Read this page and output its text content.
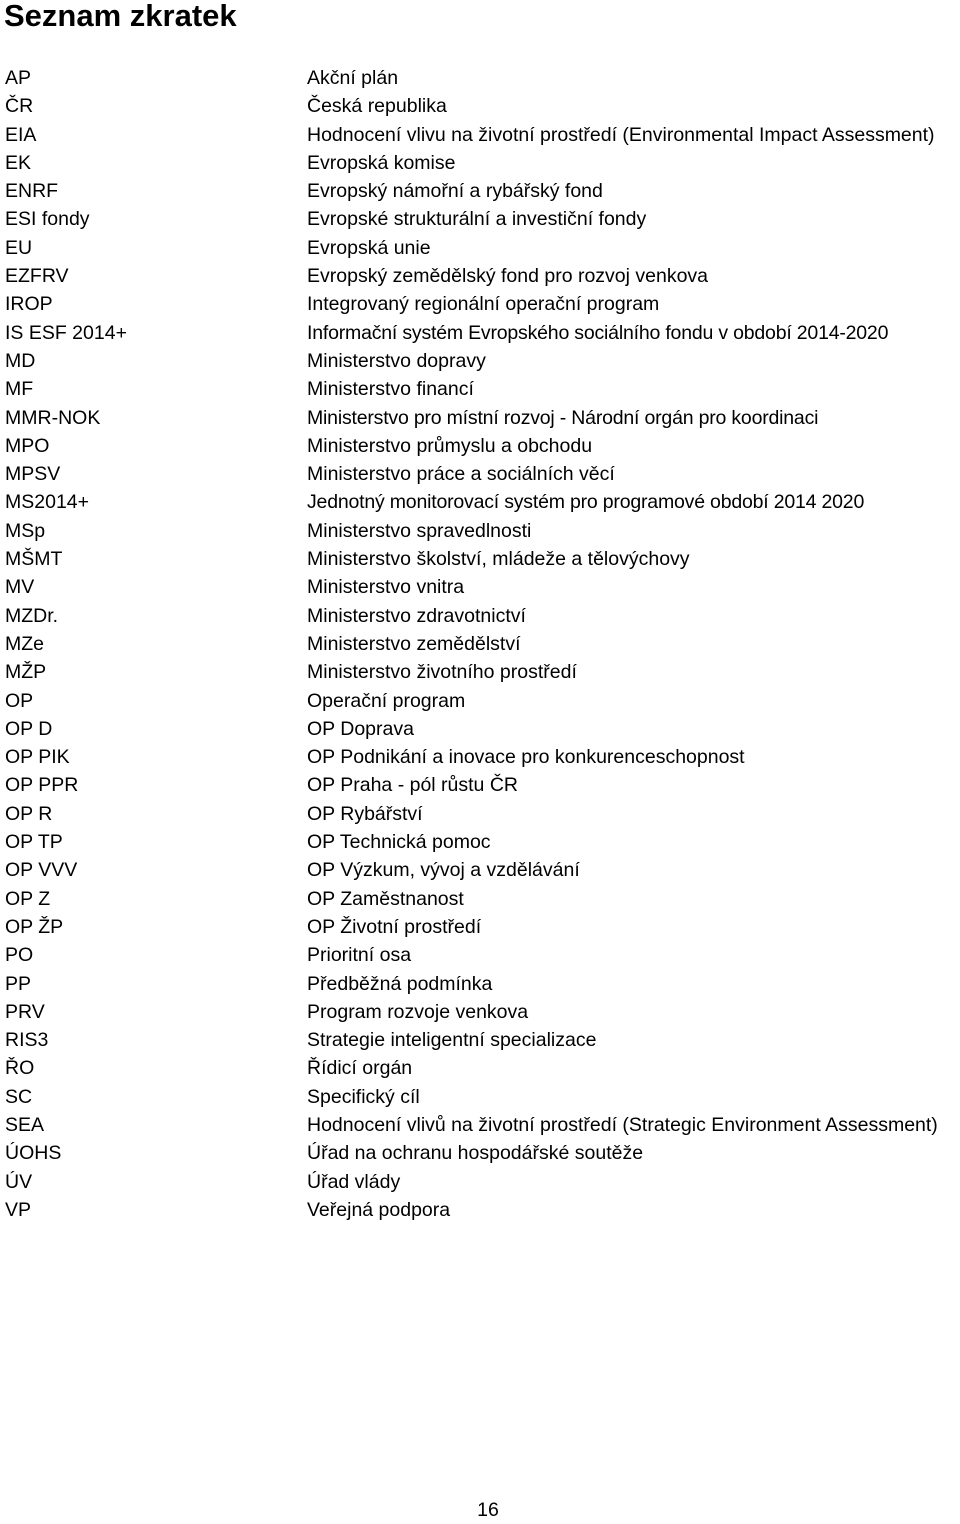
Seznam zkratek
AP	Akční plán
ČR	Česká republika
EIA	Hodnocení vlivu na životní prostředí (Environmental Impact Assessment)
EK	Evropská komise
ENRF	Evropský námořní a rybářský fond
ESI fondy	Evropské strukturální a investiční fondy
EU	Evropská unie
EZFRV	Evropský zemědělský fond pro rozvoj venkova
IROP	Integrovaný regionální operační program
IS ESF 2014+	Informační systém Evropského sociálního fondu v období 2014-2020
MD	Ministerstvo dopravy
MF	Ministerstvo financí
MMR-NOK	Ministerstvo pro místní rozvoj - Národní orgán pro koordinaci
MPO	Ministerstvo průmyslu a obchodu
MPSV	Ministerstvo práce a sociálních věcí
MS2014+	Jednotný monitorovací systém pro programové období 2014 2020
MSp	Ministerstvo spravedlnosti
MŠMT	Ministerstvo školství, mládeže a tělovýchovy
MV	Ministerstvo vnitra
MZDr.	Ministerstvo zdravotnictví
MZe	Ministerstvo zemědělství
MŽP	Ministerstvo životního prostředí
OP	Operační program
OP D	OP Doprava
OP PIK	OP Podnikání a inovace pro konkurenceschopnost
OP PPR	OP Praha - pól růstu ČR
OP R	OP Rybářství
OP TP	OP Technická pomoc
OP VVV	OP Výzkum, vývoj a vzdělávání
OP Z	OP Zaměstnanost
OP ŽP	OP Životní prostředí
PO	Prioritní osa
PP	Předběžná podmínka
PRV	Program rozvoje venkova
RIS3	Strategie inteligentní specializace
ŘO	Řídicí orgán
SC	Specifický cíl
SEA	Hodnocení vlivů na životní prostředí (Strategic Environment Assessment)
ÚOHS	Úřad na ochranu hospodářské soutěže
ÚV	Úřad vlády
VP	Veřejná podpora
16
